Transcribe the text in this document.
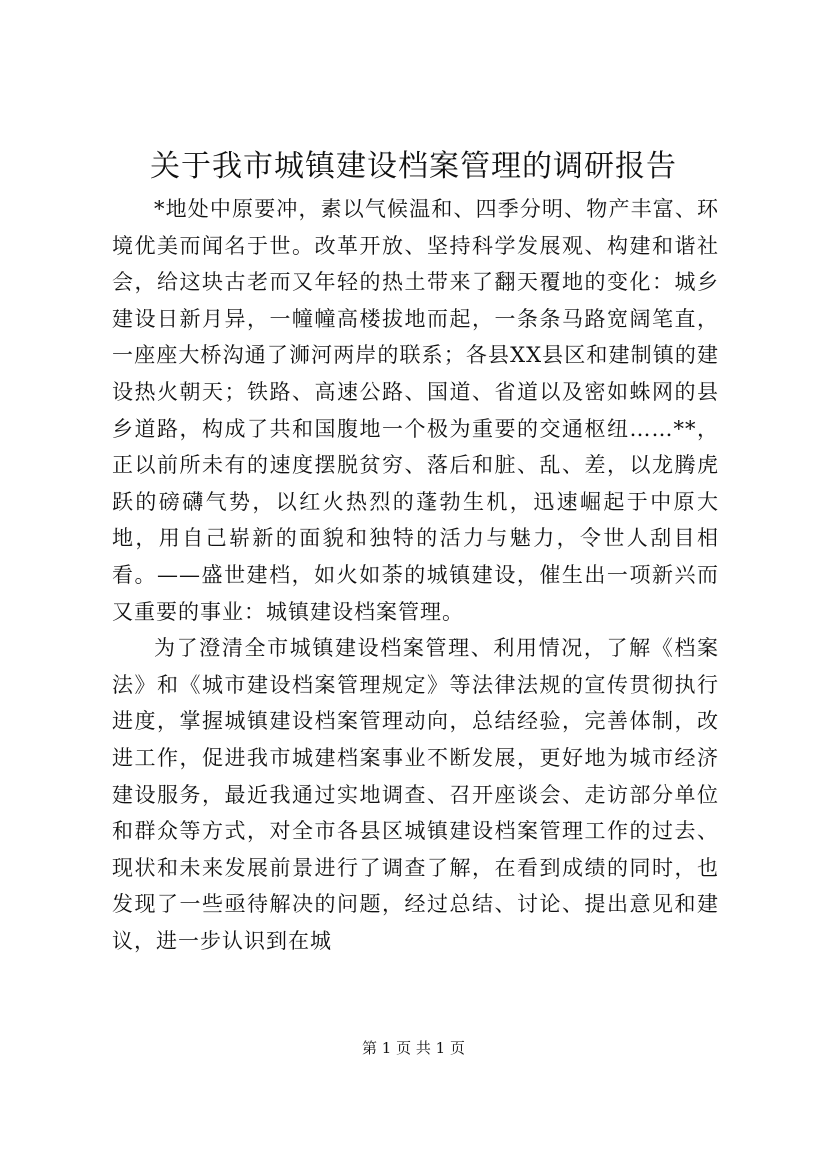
关于我市城镇建设档案管理的调研报告

*地处中原要冲，素以气候温和、四季分明、物产丰富、环境优美而闻名于世。改革开放、坚持科学发展观、构建和谐社会，给这块古老而又年轻的热土带来了翻天覆地的变化：城乡建设日新月异，一幢幢高楼拔地而起，一条条马路宽阔笔直，一座座大桥沟通了浉河两岸的联系；各县XX县区和建制镇的建设热火朝天；铁路、高速公路、国道、省道以及密如蛛网的县乡道路，构成了共和国腹地一个极为重要的交通枢纽……**，正以前所未有的速度摆脱贫穷、落后和脏、乱、差，以龙腾虎跃的磅礴气势，以红火热烈的蓬勃生机，迅速崛起于中原大地，用自己崭新的面貌和独特的活力与魅力，令世人刮目相看。——盛世建档，如火如荼的城镇建设，催生出一项新兴而又重要的事业：城镇建设档案管理。

为了澄清全市城镇建设档案管理、利用情况，了解《档案法》和《城市建设档案管理规定》等法律法规的宣传贯彻执行进度，掌握城镇建设档案管理动向，总结经验，完善体制，改进工作，促进我市城建档案事业不断发展，更好地为城市经济建设服务，最近我通过实地调查、召开座谈会、走访部分单位和群众等方式，对全市各县区城镇建设档案管理工作的过去、现状和未来发展前景进行了调查了解，在看到成绩的同时，也发现了一些亟待解决的问题，经过总结、讨论、提出意见和建议，进一步认识到在城

第 1 页 共 1 页
